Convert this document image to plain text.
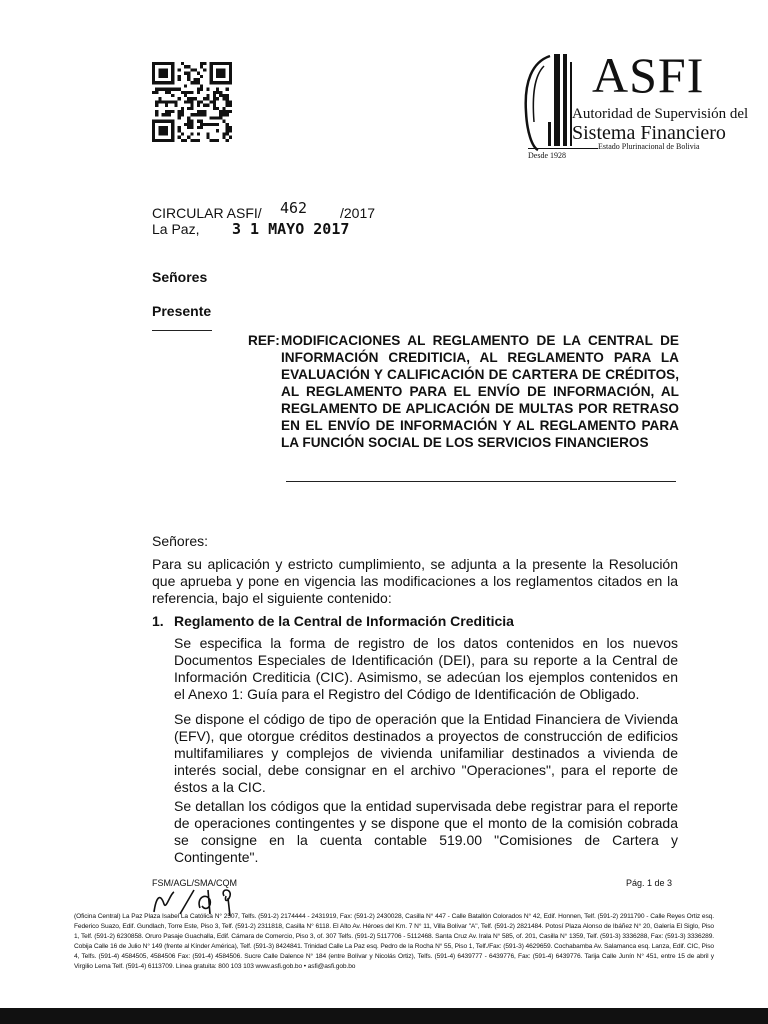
ASFI
Autoridad de Supervisión del
Sistema Financiero
Estado Plurinacional de Bolivia
Desde 1928
CIRCULAR ASFI/ 462 /2017
La Paz, 3 1 MAYO 2017
Señores
Presente
REF: MODIFICACIONES AL REGLAMENTO DE LA CENTRAL DE INFORMACIÓN CREDITICIA, AL REGLAMENTO PARA LA EVALUACIÓN Y CALIFICACIÓN DE CARTERA DE CRÉDITOS, AL REGLAMENTO PARA EL ENVÍO DE INFORMACIÓN, AL REGLAMENTO DE APLICACIÓN DE MULTAS POR RETRASO EN EL ENVÍO DE INFORMACIÓN Y AL REGLAMENTO PARA LA FUNCIÓN SOCIAL DE LOS SERVICIOS FINANCIEROS
Señores:
Para su aplicación y estricto cumplimiento, se adjunta a la presente la Resolución que aprueba y pone en vigencia las modificaciones a los reglamentos citados en la referencia, bajo el siguiente contenido:
1. Reglamento de la Central de Información Crediticia
Se especifica la forma de registro de los datos contenidos en los nuevos Documentos Especiales de Identificación (DEI), para su reporte a la Central de Información Crediticia (CIC). Asimismo, se adecúan los ejemplos contenidos en el Anexo 1: Guía para el Registro del Código de Identificación de Obligado.
Se dispone el código de tipo de operación que la Entidad Financiera de Vivienda (EFV), que otorgue créditos destinados a proyectos de construcción de edificios multifamiliares y complejos de vivienda unifamiliar destinados a vivienda de interés social, debe consignar en el archivo "Operaciones", para el reporte de éstos a la CIC.
Se detallan los códigos que la entidad supervisada debe registrar para el reporte de operaciones contingentes y se dispone que el monto de la comisión cobrada se consigne en la cuenta contable 519.00 "Comisiones de Cartera y Contingente".
FSM/AGL/SMA/CQM	Pág. 1 de 3
(Oficina Central) La Paz Plaza Isabel La Católica N° 2507, Telfs. (591-2) 2174444 - 2431919, Fax: (591-2) 2430028, Casilla N° 447 - Calle Batallón Colorados N° 42, Edif. Honnen, Telf. (591-2) 2911790 - Calle Reyes Ortiz esq. Federico Suazo, Edif. Gundlach, Torre Este, Piso 3, Telf. (591-2) 2311818, Casilla N° 6118. El Alto Av. Héroes del Km. 7 N° 11, Villa Bolívar "A", Telf. (591-2) 2821484. Potosí Plaza Alonso de Ibáñez N° 20, Galería El Siglo, Piso 1, Telf. (591-2) 6230858. Oruro Pasaje Guachalla, Edif. Cámara de Comercio, Piso 3, of. 307 Telfs. (591-2) 5117706 - 5112468. Santa Cruz Av. Irala N° 585, of. 201, Casilla N° 1359, Telf. (591-3) 3336288, Fax: (591-3) 3336289. Cobija Calle 16 de Julio N° 149 (frente al Kínder América), Telf. (591-3) 8424841. Trinidad Calle La Paz esq. Pedro de la Rocha N° 55, Piso 1, Telf./Fax: (591-3) 4629659. Cochabamba Av. Salamanca esq. Lanza, Edif. CIC, Piso 4, Telfs. (591-4) 4584505, 4584506 Fax: (591-4) 4584506. Sucre Calle Dalence N° 184 (entre Bolívar y Nicolás Ortiz), Telfs. (591-4) 6439777 - 6439776, Fax: (591-4) 6439776. Tarija Calle Junín N° 451, entre 15 de abril y Virgilio Lema Telf. (591-4) 6113709. Línea gratuita: 800 103 103 www.asfi.gob.bo • asfi@asfi.gob.bo
